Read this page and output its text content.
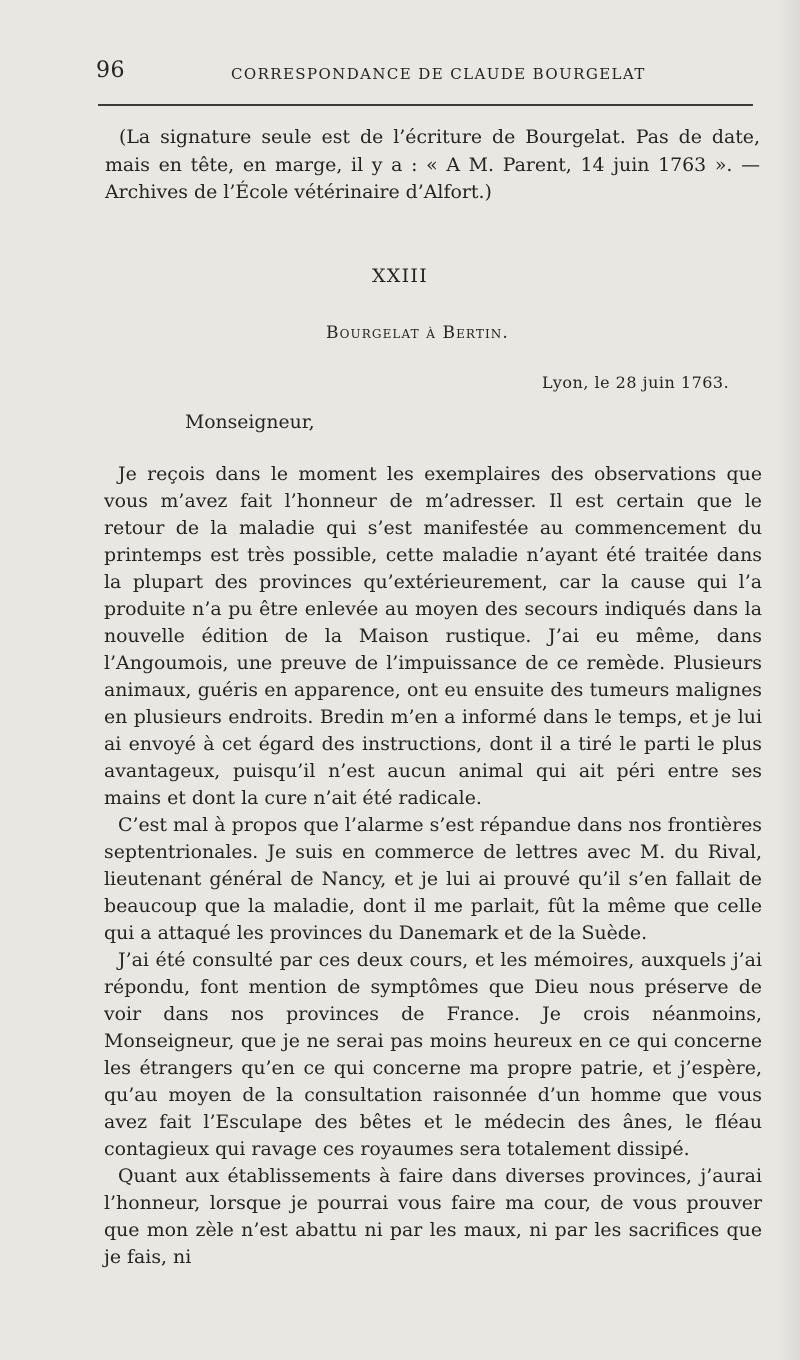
96	CORRESPONDANCE DE CLAUDE BOURGELAT

(La signature seule est de l’écriture de Bourgelat. Pas de date, mais en tête, en marge, il y a : « A M. Parent, 14 juin 1763 ». — Archives de l’École vétérinaire d’Alfort.)

XXIII
Bourgelat à Bertin.
Lyon, le 28 juin 1763.
Monseigneur,

Je reçois dans le moment les exemplaires des observations que vous m’avez fait l’honneur de m’adresser. Il est certain que le retour de la maladie qui s’est manifestée au commencement du printemps est très possible, cette maladie n’ayant été traitée dans la plupart des provinces qu’extérieurement, car la cause qui l’a produite n’a pu être enlevée au moyen des secours indiqués dans la nouvelle édition de la Maison rustique. J’ai eu même, dans l’Angoumois, une preuve de l’impuissance de ce remède. Plusieurs animaux, guéris en apparence, ont eu ensuite des tumeurs malignes en plusieurs endroits. Bredin m’en a informé dans le temps, et je lui ai envoyé à cet égard des instructions, dont il a tiré le parti le plus avantageux, puisqu’il n’est aucun animal qui ait péri entre ses mains et dont la cure n’ait été radicale.

C’est mal à propos que l’alarme s’est répandue dans nos frontières septentrionales. Je suis en commerce de lettres avec M. du Rival, lieutenant général de Nancy, et je lui ai prouvé qu’il s’en fallait de beaucoup que la maladie, dont il me parlait, fût la même que celle qui a attaqué les provinces du Danemark et de la Suède.

J’ai été consulté par ces deux cours, et les mémoires, auxquels j’ai répondu, font mention de symptômes que Dieu nous préserve de voir dans nos provinces de France. Je crois néanmoins, Monseigneur, que je ne serai pas moins heureux en ce qui concerne les étrangers qu’en ce qui concerne ma propre patrie, et j’espère, qu’au moyen de la consultation raisonnée d’un homme que vous avez fait l’Esculape des bêtes et le médecin des ânes, le fléau contagieux qui ravage ces royaumes sera totalement dissipé.

Quant aux établissements à faire dans diverses provinces, j’aurai l’honneur, lorsque je pourrai vous faire ma cour, de vous prouver que mon zèle n’est abattu ni par les maux, ni par les sacrifices que je fais, ni
